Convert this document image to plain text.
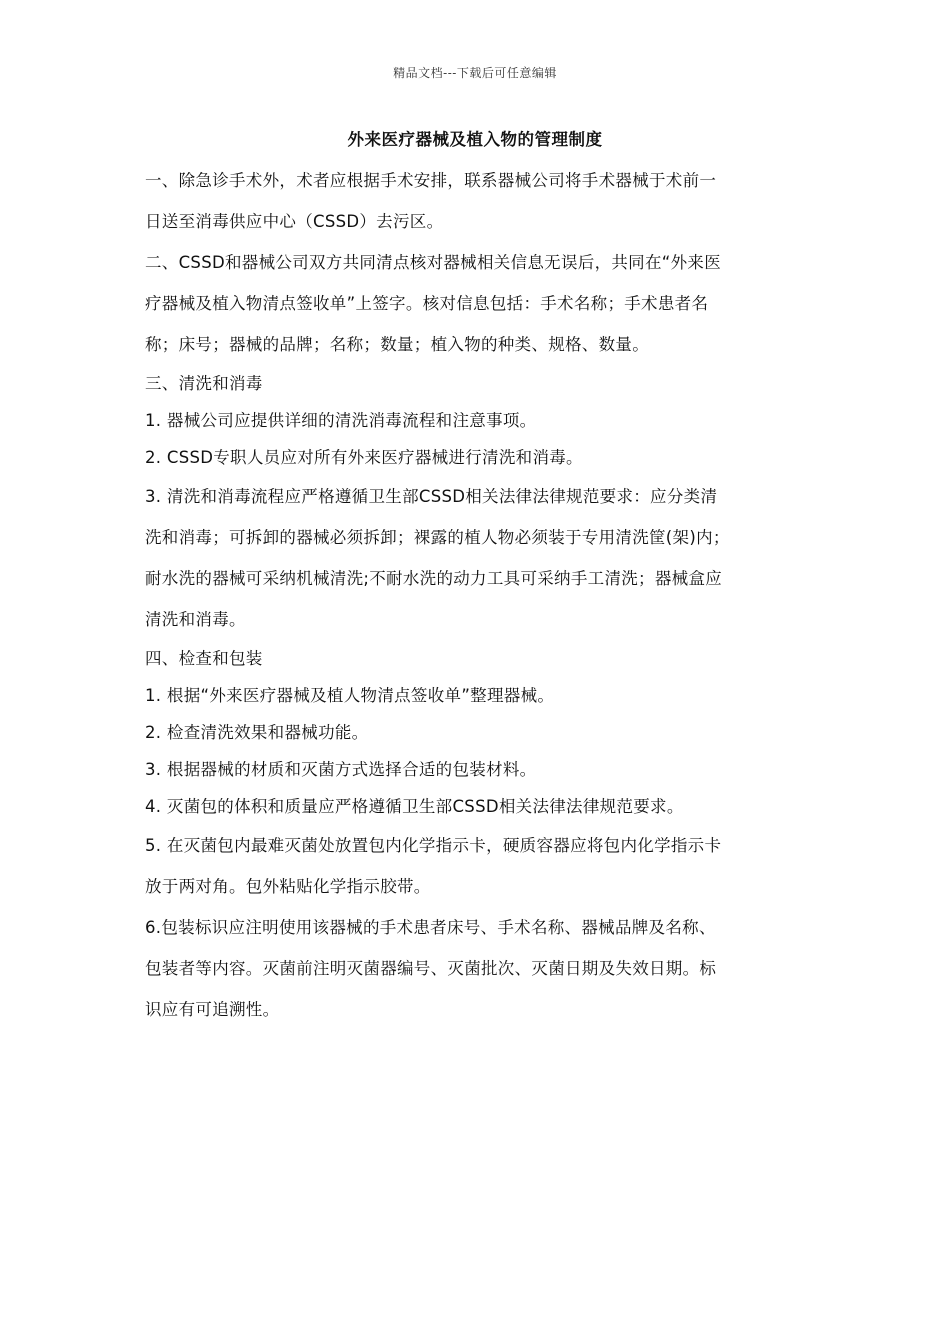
精品文档---下载后可任意编辑
外来医疗器械及植入物的管理制度

一、除急诊手术外，术者应根据手术安排，联系器械公司将手术器械于术前一

日送至消毒供应中心（CSSD）去污区。

二、CSSD和器械公司双方共同清点核对器械相关信息无误后，共同在“外来医

疗器械及植入物清点签收单”上签字。核对信息包括：手术名称；手术患者名

称；床号；器械的品牌；名称；数量；植入物的种类、规格、数量。

三、清洗和消毒

1. 器械公司应提供详细的清洗消毒流程和注意事项。

2. CSSD专职人员应对所有外来医疗器械进行清洗和消毒。

3. 清洗和消毒流程应严格遵循卫生部CSSD相关法律法律规范要求：应分类清

洗和消毒；可拆卸的器械必须拆卸；裸露的植人物必须装于专用清洗筐(架)内；

耐水洗的器械可采纳机械清洗;不耐水洗的动力工具可采纳手工清洗；器械盒应

清洗和消毒。

四、检查和包装

1. 根据“外来医疗器械及植人物清点签收单”整理器械。

2. 检查清洗效果和器械功能。

3. 根据器械的材质和灭菌方式选择合适的包装材料。

4. 灭菌包的体积和质量应严格遵循卫生部CSSD相关法律法律规范要求。

5. 在灭菌包内最难灭菌处放置包内化学指示卡，硬质容器应将包内化学指示卡

放于两对角。包外粘贴化学指示胶带。

6.包装标识应注明使用该器械的手术患者床号、手术名称、器械品牌及名称、

包装者等内容。灭菌前注明灭菌器编号、灭菌批次、灭菌日期及失效日期。标

识应有可追溯性。
